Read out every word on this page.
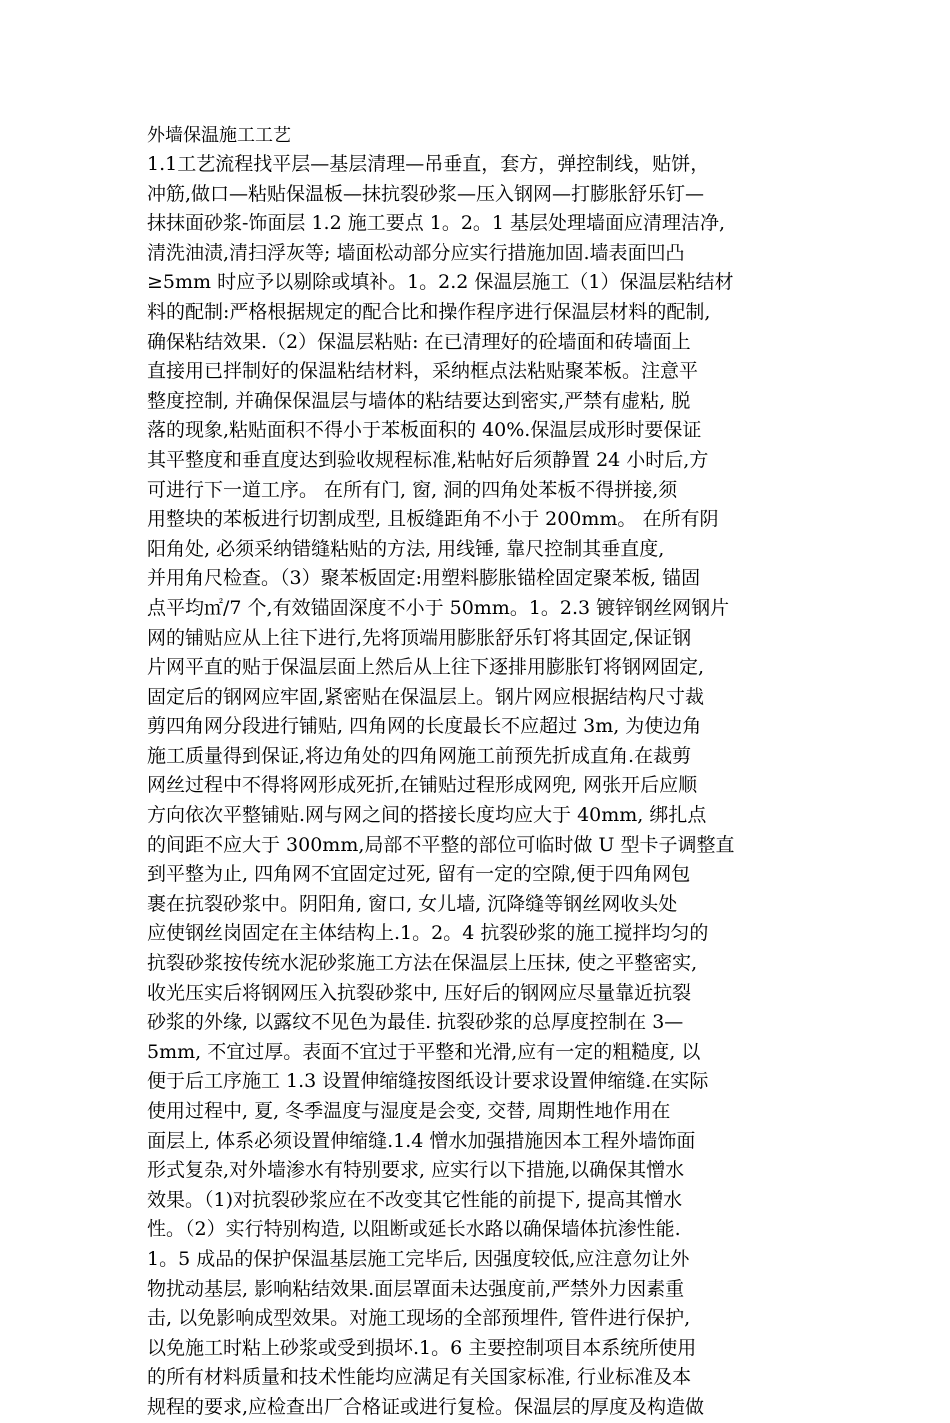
外墙保温施工工艺
1.1工艺流程找平层—基层清理—吊垂直，套方，弹控制线，贴饼，
冲筋,做口—粘贴保温板—抹抗裂砂浆—压入钢网—打膨胀舒乐钉—
抹抹面砂浆-饰面层 1.2 施工要点 1。2。1 基层处理墙面应清理洁净,
清洗油渍,清扫浮灰等; 墙面松动部分应实行措施加固.墙表面凹凸
≥5mm 时应予以剔除或填补。1。2.2 保温层施工（1）保温层粘结材
料的配制:严格根据规定的配合比和操作程序进行保温层材料的配制,
确保粘结效果.（2）保温层粘贴: 在已清理好的砼墙面和砖墙面上
直接用已拌制好的保温粘结材料，采纳框点法粘贴聚苯板。注意平
整度控制, 并确保保温层与墙体的粘结要达到密实,严禁有虚粘, 脱
落的现象,粘贴面积不得小于苯板面积的 40%.保温层成形时要保证
其平整度和垂直度达到验收规程标准,粘帖好后须静置 24 小时后,方
可进行下一道工序。 在所有门, 窗, 洞的四角处苯板不得拼接,须
用整块的苯板进行切割成型, 且板缝距角不小于 200mm。 在所有阴
阳角处, 必须采纳错缝粘贴的方法, 用线锤, 靠尺控制其垂直度,
并用角尺检查。（3）聚苯板固定:用塑料膨胀锚栓固定聚苯板, 锚固
点平均㎡/7 个,有效锚固深度不小于 50mm。1。2.3 镀锌钢丝网钢片
网的铺贴应从上往下进行,先将顶端用膨胀舒乐钉将其固定,保证钢
片网平直的贴于保温层面上然后从上往下逐排用膨胀钉将钢网固定,
固定后的钢网应牢固,紧密贴在保温层上。钢片网应根据结构尺寸裁
剪四角网分段进行铺贴, 四角网的长度最长不应超过 3m, 为使边角
施工质量得到保证,将边角处的四角网施工前预先折成直角.在裁剪
网丝过程中不得将网形成死折,在铺贴过程形成网兜, 网张开后应顺
方向依次平整铺贴.网与网之间的搭接长度均应大于 40mm, 绑扎点
的间距不应大于 300mm,局部不平整的部位可临时做 U 型卡子调整直
到平整为止, 四角网不宜固定过死, 留有一定的空隙,便于四角网包
裹在抗裂砂浆中。阴阳角, 窗口, 女儿墙, 沉降缝等钢丝网收头处
应使钢丝岗固定在主体结构上.1。2。4 抗裂砂浆的施工搅拌均匀的
抗裂砂浆按传统水泥砂浆施工方法在保温层上压抹, 使之平整密实,
收光压实后将钢网压入抗裂砂浆中, 压好后的钢网应尽量靠近抗裂
砂浆的外缘, 以露纹不见色为最佳. 抗裂砂浆的总厚度控制在 3—
5mm, 不宜过厚。表面不宜过于平整和光滑,应有一定的粗糙度, 以
便于后工序施工 1.3 设置伸缩缝按图纸设计要求设置伸缩缝.在实际
使用过程中, 夏, 冬季温度与湿度是会变, 交替, 周期性地作用在
面层上, 体系必须设置伸缩缝.1.4 憎水加强措施因本工程外墙饰面
形式复杂,对外墙渗水有特别要求, 应实行以下措施,以确保其憎水
效果。（1)对抗裂砂浆应在不改变其它性能的前提下, 提高其憎水
性。（2）实行特别构造, 以阻断或延长水路以确保墙体抗渗性能.
1。5 成品的保护保温基层施工完毕后, 因强度较低,应注意勿让外
物扰动基层, 影响粘结效果.面层罩面未达强度前,严禁外力因素重
击, 以免影响成型效果。对施工现场的全部预埋件, 管件进行保护,
以免施工时粘上砂浆或受到损坏.1。6 主要控制项目本系统所使用
的所有材料质量和技术性能均应满足有关国家标准, 行业标准及本
规程的要求,应检查出厂合格证或进行复检。保温层的厚度及构造做
